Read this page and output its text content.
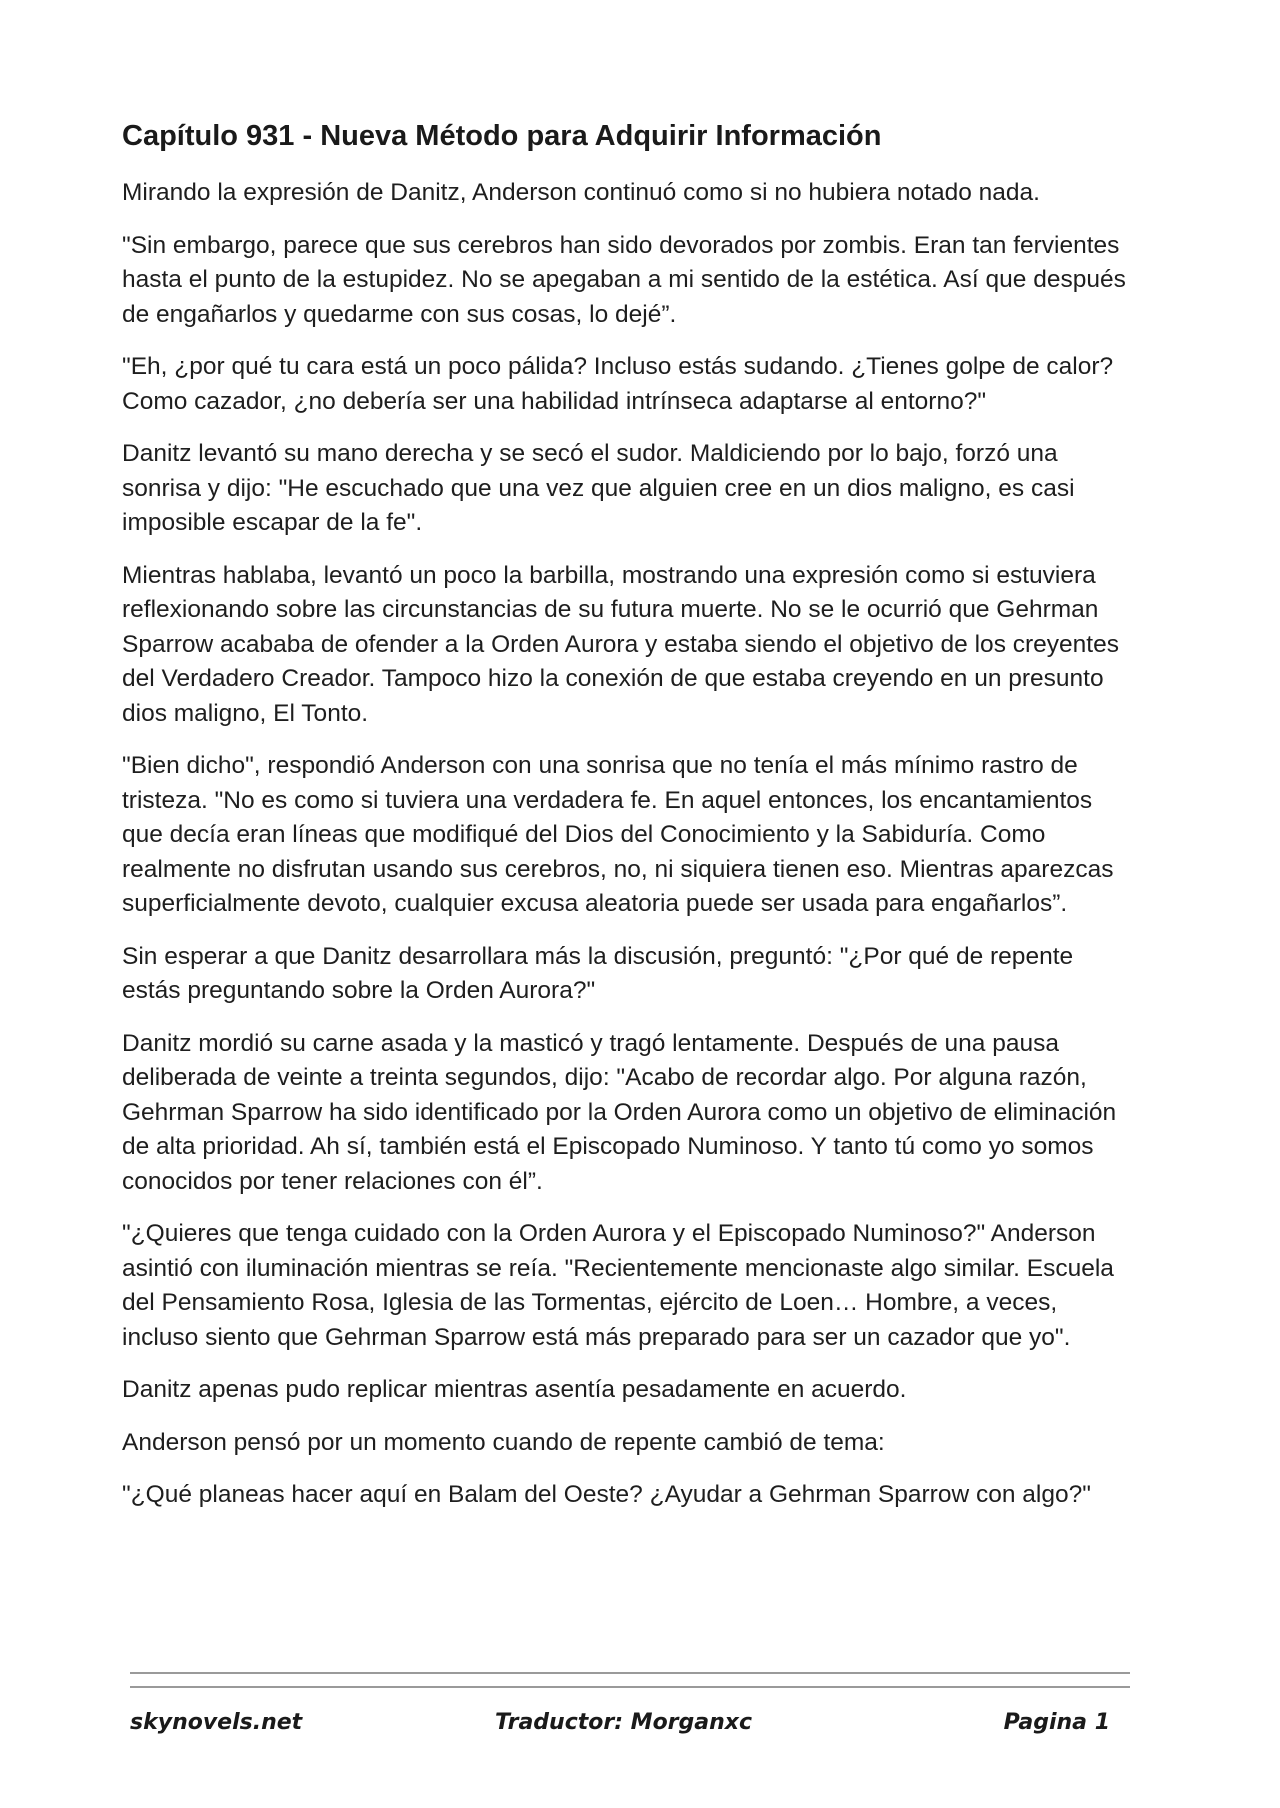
Capítulo 931 - Nueva Método para Adquirir Información

Mirando la expresión de Danitz, Anderson continuó como si no hubiera notado nada.

"Sin embargo, parece que sus cerebros han sido devorados por zombis. Eran tan fervientes hasta el punto de la estupidez. No se apegaban a mi sentido de la estética. Así que después de engañarlos y quedarme con sus cosas, lo dejé”.

"Eh, ¿por qué tu cara está un poco pálida? Incluso estás sudando. ¿Tienes golpe de calor? Como cazador, ¿no debería ser una habilidad intrínseca adaptarse al entorno?"

Danitz levantó su mano derecha y se secó el sudor. Maldiciendo por lo bajo, forzó una sonrisa y dijo: "He escuchado que una vez que alguien cree en un dios maligno, es casi imposible escapar de la fe".

Mientras hablaba, levantó un poco la barbilla, mostrando una expresión como si estuviera reflexionando sobre las circunstancias de su futura muerte. No se le ocurrió que Gehrman Sparrow acababa de ofender a la Orden Aurora y estaba siendo el objetivo de los creyentes del Verdadero Creador. Tampoco hizo la conexión de que estaba creyendo en un presunto dios maligno, El Tonto.

"Bien dicho", respondió Anderson con una sonrisa que no tenía el más mínimo rastro de tristeza. "No es como si tuviera una verdadera fe. En aquel entonces, los encantamientos que decía eran líneas que modifiqué del Dios del Conocimiento y la Sabiduría. Como realmente no disfrutan usando sus cerebros, no, ni siquiera tienen eso. Mientras aparezcas superficialmente devoto, cualquier excusa aleatoria puede ser usada para engañarlos”.

Sin esperar a que Danitz desarrollara más la discusión, preguntó: "¿Por qué de repente estás preguntando sobre la Orden Aurora?"

Danitz mordió su carne asada y la masticó y tragó lentamente. Después de una pausa deliberada de veinte a treinta segundos, dijo: "Acabo de recordar algo. Por alguna razón, Gehrman Sparrow ha sido identificado por la Orden Aurora como un objetivo de eliminación de alta prioridad. Ah sí, también está el Episcopado Numinoso. Y tanto tú como yo somos conocidos por tener relaciones con él”.

"¿Quieres que tenga cuidado con la Orden Aurora y el Episcopado Numinoso?" Anderson asintió con iluminación mientras se reía. "Recientemente mencionaste algo similar. Escuela del Pensamiento Rosa, Iglesia de las Tormentas, ejército de Loen… Hombre, a veces, incluso siento que Gehrman Sparrow está más preparado para ser un cazador que yo".

Danitz apenas pudo replicar mientras asentía pesadamente en acuerdo.

Anderson pensó por un momento cuando de repente cambió de tema:

"¿Qué planeas hacer aquí en Balam del Oeste? ¿Ayudar a Gehrman Sparrow con algo?"

skynovels.net	Traductor: Morganxc	Pagina 1
